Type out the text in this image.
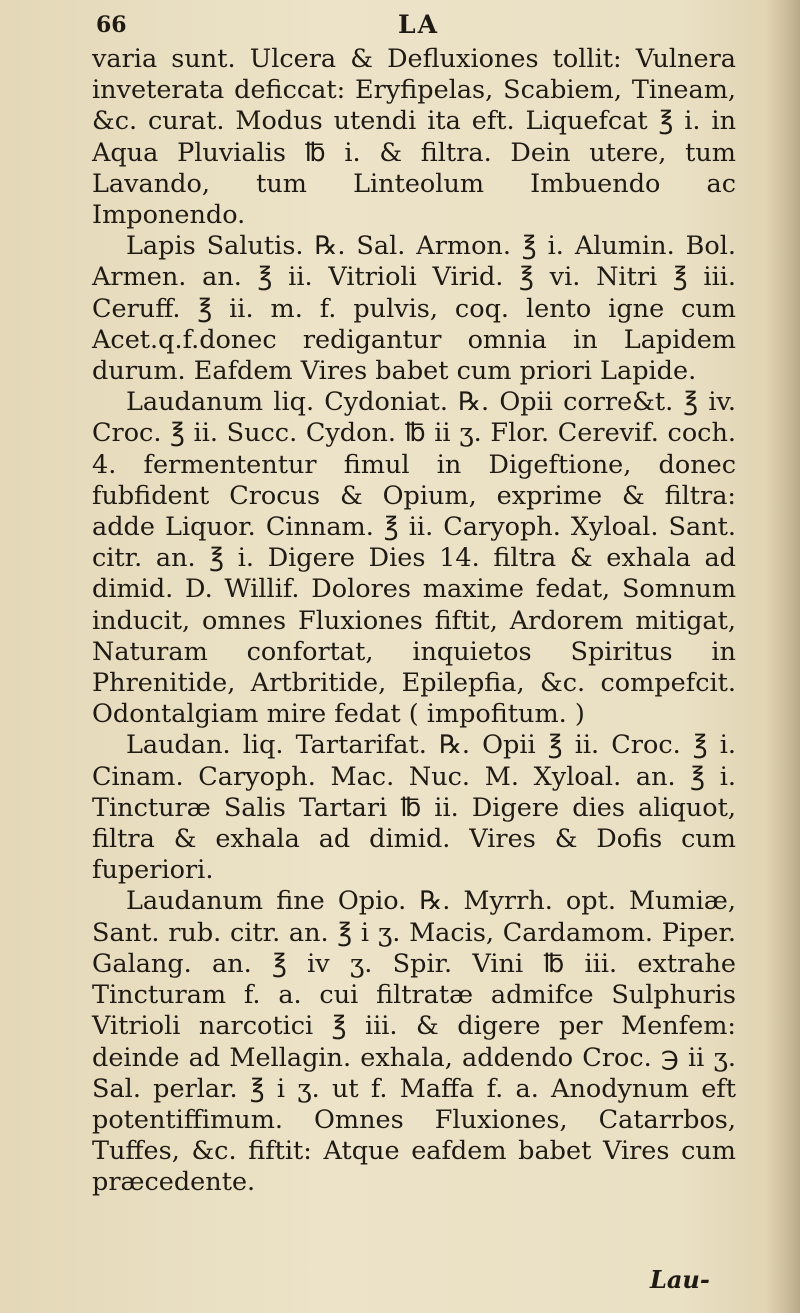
66	LA

varia sunt. Ulcera & Defluxiones tollit: Vulnera inveterata deficcat: Eryfipelas, Scabiem, Tineam, &c. curat. Modus utendi ita eft. Liquefcat ℥ i. in Aqua Pluvialis ℔ i. & filtra. Dein utere, tum Lavando, tum Linteolum Imbuendo ac Imponendo.

Lapis Salutis. ℞. Sal. Armon. ℥ i. Alumin. Bol. Armen. an. ℥ ii. Vitrioli Virid. ℥ vi. Nitri ℥ iii. Ceruff. ℥ ii. m. f. pulvis, coq. lento igne cum Acet.q.f.donec redigantur omnia in Lapidem durum. Eafdem Vires babet cum priori Lapide.

Laudanum liq. Cydoniat. ℞. Opii corre&t. ℥ iv. Croc. ℥ ii. Succ. Cydon. ℔ ii ʒ. Flor. Cerevif. coch. 4. fermententur fimul in Digeftione, donec fubfident Crocus & Opium, exprime & filtra: adde Liquor. Cinnam. ℥ ii. Caryoph. Xyloal. Sant. citr. an. ℥ i. Digere Dies 14. filtra & exhala ad dimid. D. Willif. Dolores maxime fedat, Somnum inducit, omnes Fluxiones fiftit, Ardorem mitigat, Naturam confortat, inquietos Spiritus in Phrenitide, Artbritide, Epilepfia, &c. compefcit. Odontalgiam mire fedat ( impofitum. )

Laudan. liq. Tartarifat. ℞. Opii ℥ ii. Croc. ℥ i. Cinam. Caryoph. Mac. Nuc. M. Xyloal. an. ℥ i. Tincturæ Salis Tartari ℔ ii. Digere dies aliquot, filtra & exhala ad dimid. Vires & Dofis cum fuperiori.

Laudanum fine Opio. ℞. Myrrh. opt. Mumiæ, Sant. rub. citr. an. ℥ i ʒ. Macis, Cardamom. Piper. Galang. an. ℥ iv ʒ. Spir. Vini ℔ iii. extrahe Tincturam f. a. cui filtratæ admifce Sulphuris Vitrioli narcotici ℥ iii. & digere per Menfem: deinde ad Mellagin. exhala, addendo Croc. ℈ ii ʒ. Sal. perlar. ℥ i ʒ. ut f. Maffa f. a. Anodynum eft potentiffimum. Omnes Fluxiones, Catarrbos, Tuffes, &c. fiftit: Atque eafdem babet Vires cum præcedente.

Lau-
